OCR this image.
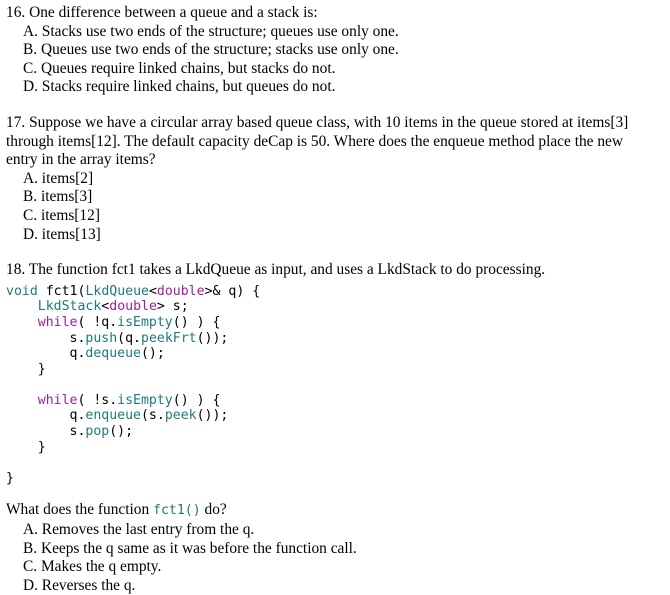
16. One difference between a queue and a stack is:
A. Stacks use two ends of the structure; queues use only one.
B. Queues use two ends of the structure; stacks use only one.
C. Queues require linked chains, but stacks do not.
D. Stacks require linked chains, but queues do not.
17. Suppose we have a circular array based queue class, with 10 items in the queue stored at items[3] through items[12]. The default capacity deCap is 50. Where does the enqueue method place the new entry in the array items?
A. items[2]
B. items[3]
C. items[12]
D. items[13]
18. The function fct1 takes a LkdQueue as input, and uses a LkdStack to do processing.
void fct1(LkdQueue<double>& q) {
LkdStack<double> s;
while( !q.isEmpty() ) {
s.push(q.peekFrt());
q.dequeue();
}

while( !s.isEmpty() ) {
q.enqueue(s.peek());
s.pop();
}

}
What does the function fct1() do?
A. Removes the last entry from the q.
B. Keeps the q same as it was before the function call.
C. Makes the q empty.
D. Reverses the q.
